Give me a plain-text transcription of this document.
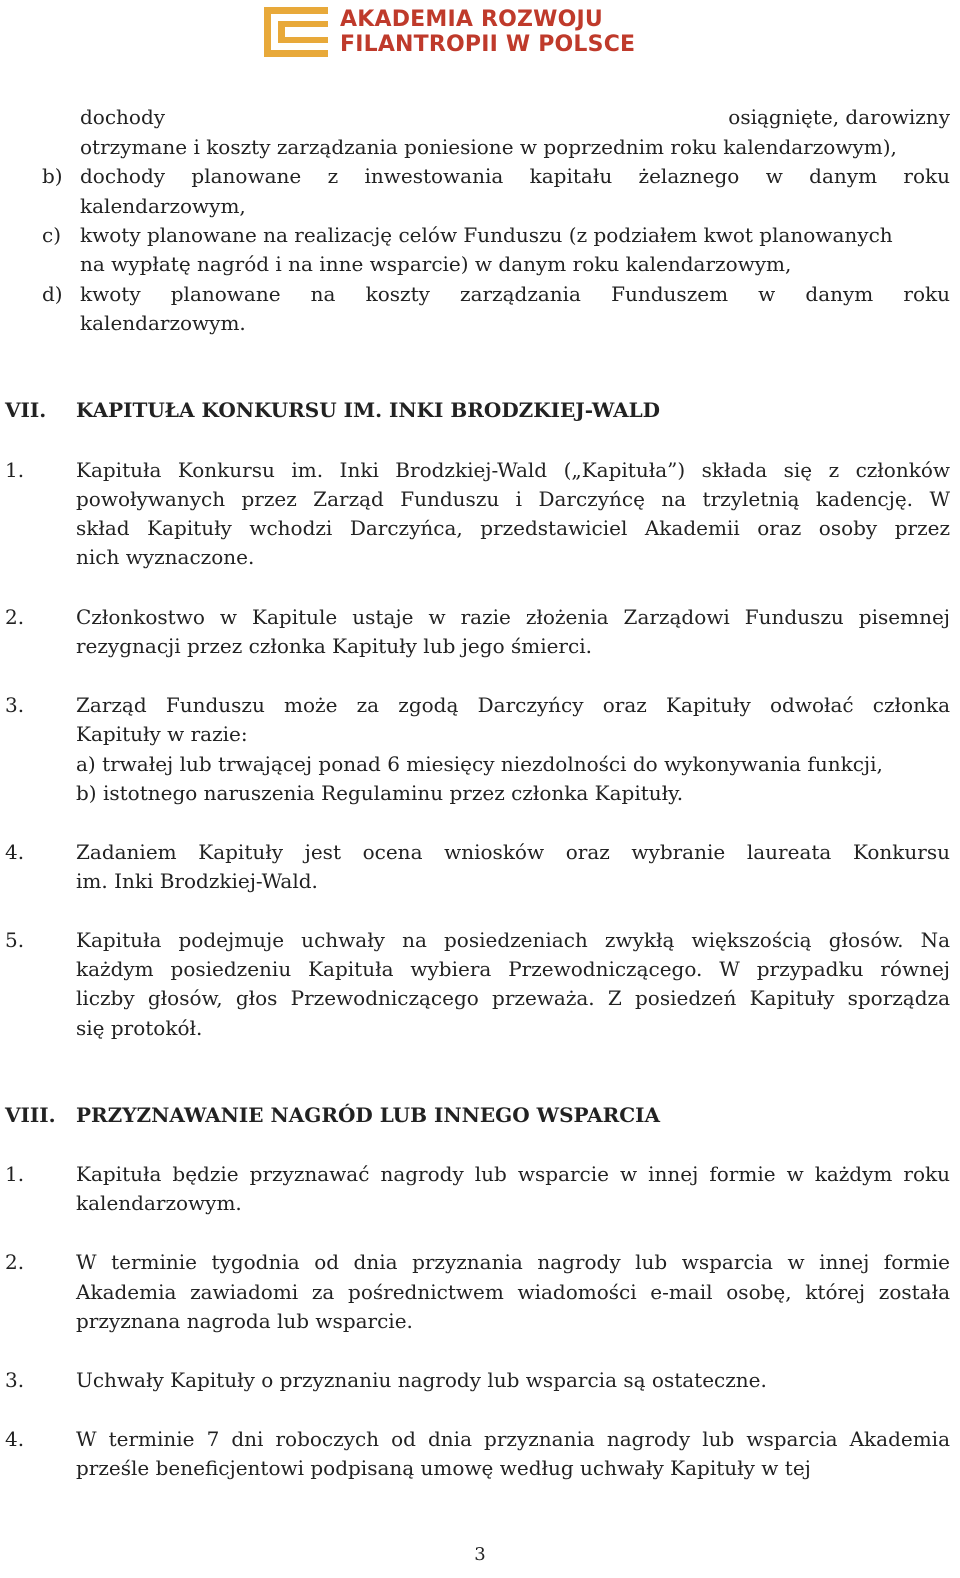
AKADEMIA ROZWOJU
FILANTROPII W POLSCE
dochody	osiągnięte, darowizny
otrzymane i koszty zarządzania poniesione w poprzednim roku kalendarzowym),
b) dochody planowane z inwestowania kapitału żelaznego w danym roku
kalendarzowym,
c) kwoty planowane na realizację celów Funduszu (z podziałem kwot planowanych
na wypłatę nagród i na inne wsparcie) w danym roku kalendarzowym,
d) kwoty planowane na koszty zarządzania Funduszem w danym roku
kalendarzowym.
VII. KAPITUŁA KONKURSU IM. INKI BRODZKIEJ-WALD
1.	Kapituła Konkursu im. Inki Brodzkiej-Wald („Kapituła”) składa się z członków
powoływanych przez Zarząd Funduszu i Darczyńcę na trzyletnią kadencję. W
skład Kapituły wchodzi Darczyńca, przedstawiciel Akademii oraz osoby przez
nich wyznaczone.
2.	Członkostwo w Kapitule ustaje w razie złożenia Zarządowi Funduszu pisemnej
rezygnacji przez członka Kapituły lub jego śmierci.
3.	Zarząd Funduszu może za zgodą Darczyńcy oraz Kapituły odwołać członka
Kapituły w razie:
a) trwałej lub trwającej ponad 6 miesięcy niezdolności do wykonywania funkcji,
b) istotnego naruszenia Regulaminu przez członka Kapituły.
4.	Zadaniem Kapituły jest ocena wniosków oraz wybranie laureata Konkursu
im. Inki Brodzkiej-Wald.
5.	Kapituła podejmuje uchwały na posiedzeniach zwykłą większością głosów. Na
każdym posiedzeniu Kapituła wybiera Przewodniczącego. W przypadku równej
liczby głosów, głos Przewodniczącego przeważa. Z posiedzeń Kapituły sporządza
się protokół.
VIII. PRZYZNAWANIE NAGRÓD LUB INNEGO WSPARCIA
1.	Kapituła będzie przyznawać nagrody lub wsparcie w innej formie w każdym roku
kalendarzowym.
2.	W terminie tygodnia od dnia przyznania nagrody lub wsparcia w innej formie
Akademia zawiadomi za pośrednictwem wiadomości e-mail osobę, której została
przyznana nagroda lub wsparcie.
3.	Uchwały Kapituły o przyznaniu nagrody lub wsparcia są ostateczne.
4.	W terminie 7 dni roboczych od dnia przyznania nagrody lub wsparcia Akademia
prześle beneficjentowi podpisaną umowę według uchwały Kapituły w tej
3
